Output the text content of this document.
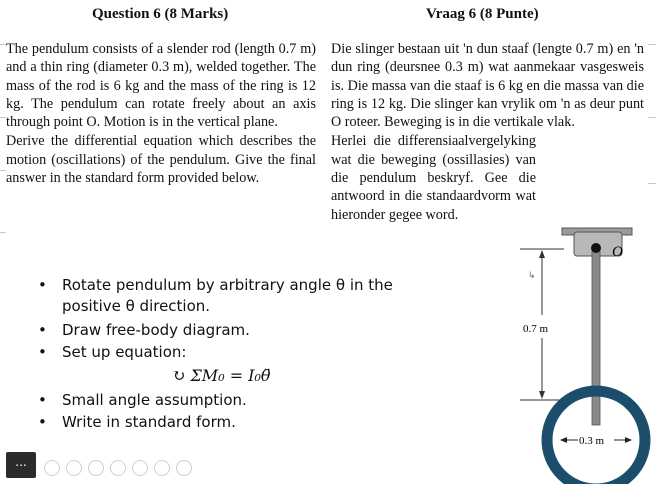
Question 6 (8 Marks)	Vraag 6 (8 Punte)

The pendulum consists of a slender rod (length 0.7 m) and a thin ring (diameter 0.3 m), welded together. The mass of the rod is 6 kg and the mass of the ring is 12 kg. The pendulum can rotate freely about an axis through point O. Motion is in the vertical plane.

Derive the differential equation which describes the motion (oscillations) of the pendulum. Give the final answer in the standard form provided below.

Die slinger bestaan uit 'n dun staaf (lengte 0.7 m) en 'n dun ring (deursnee 0.3 m) wat aanmekaar vasgesweis is. Die massa van die staaf is 6 kg en die massa van die ring is 12 kg. Die slinger kan vrylik om 'n as deur punt O roteer. Beweging is in die vertikale vlak.

Herlei die differensiaalvergelyking wat die beweging (ossillasies) van die pendulum beskryf. Gee die antwoord in die standaardvorm wat hieronder gegee word.

• Rotate pendulum by arbitrary angle θ in the positive θ direction.
• Draw free-body diagram.
• Set up equation:
↻ ΣM₀ = I₀θ̈
• Small angle assumption.
• Write in standard form.
O
0.7 m
↳
0.3 m
...
